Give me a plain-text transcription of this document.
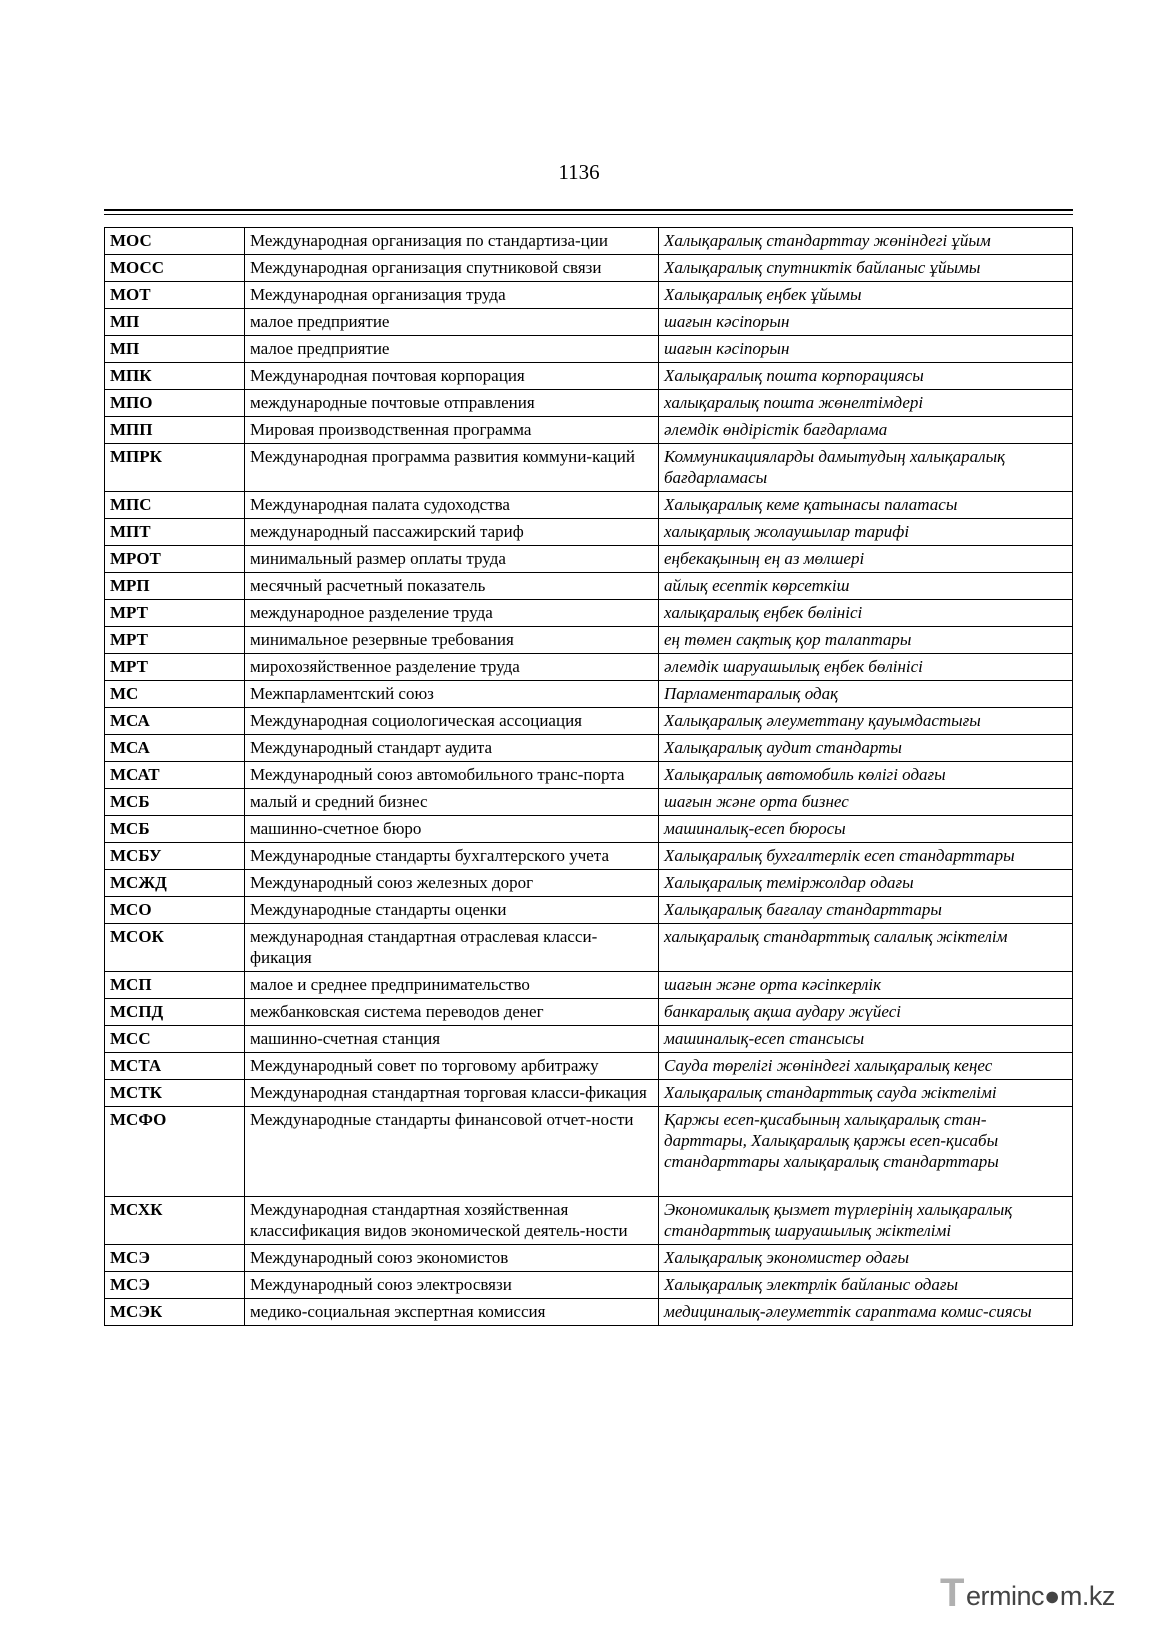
1136
МОС	Международная организация по стандартиза-ции	Халықаралық стандарттау жөніндегі ұйым
МОСС	Международная организация спутниковой связи	Халықаралық спутниктік байланыс ұйымы
МОТ	Международная организация труда	Халықаралық еңбек ұйымы
МП	малое предприятие	шағын кәсіпорын
МП	малое предприятие	шағын кәсіпорын
МПК	Международная почтовая корпорация	Халықаралық пошта корпорациясы
МПО	международные почтовые отправления	халықаралық пошта жөнелтімдері
МПП	Мировая производственная программа	әлемдік өндірістік бағдарлама
МПРК	Международная программа развития коммуни-каций	Коммуникацияларды дамытудың халықаралық бағдарламасы
МПС	Международная палата судоходства	Халықаралық кеме қатынасы палатасы
МПТ	международный пассажирский тариф	халықарлық жолаушылар тарифі
МРОТ	минимальный размер оплаты труда	еңбекақының ең аз мөлшері
МРП	месячный расчетный показатель	айлық есептік көрсеткіш
МРТ	международное разделение труда	халықаралық еңбек бөлінісі
МРТ	минимальное резервные требования	ең төмен сақтық қор талаптары
МРТ	мирохозяйственное разделение труда	әлемдік шаруашылық еңбек бөлінісі
МС	Межпарламентский союз	Парламентаралық одақ
МСА	Международная социологическая ассоциация	Халықаралық әлеуметтану қауымдастығы
МСА	Международный стандарт аудита	Халықаралық аудит стандарты
МСАТ	Международный союз автомобильного транс-порта	Халықаралық автомобиль көлігі одағы
МСБ	малый и средний бизнес	шағын және орта бизнес
МСБ	машинно-счетное бюро	машиналық-есеп бюросы
МСБУ	Международные стандарты бухгалтерского учета	Халықаралық бухгалтерлік есеп стандарттары
МСЖД	Международный союз железных дорог	Халықаралық теміржолдар одағы
МСО	Международные стандарты оценки	Халықаралық бағалау стандарттары
МСОК	международная стандартная отраслевая класси-фикация	халықаралық стандарттық салалық жіктелім
МСП	малое и среднее предпринимательство	шағын және орта кәсіпкерлік
МСПД	межбанковская система переводов денег	банкаралық ақша аудару жүйесі
МСС	машинно-счетная станция	машиналық-есеп стансысы
МСТА	Международный совет по торговому арбитражу	Сауда төрелігі жөніндегі халықаралық кеңес
МСТК	Международная стандартная торговая класси-фикация	Халықаралық стандарттық сауда жіктелімі
МСФО	Международные стандарты финансовой отчет-ности	Қаржы есеп-қисабының халықаралық стан-дарттары, Халықаралық қаржы есеп-қисабы стандарттары халықаралық стандарттары
МСХК	Международная стандартная хозяйственная классификация видов экономической деятель-ности	Экономикалық қызмет түрлерінің халықаралық стандарттық шаруашылық жіктелімі
МСЭ	Международный союз экономистов	Халықаралық экономистер одағы
МСЭ	Международный союз электросвязи	Халықаралық электрлік байланыс одағы
МСЭК	медико-социальная экспертная комиссия	медициналық-әлеуметтік сараптама комис-сиясы
T erminc●m.kz
